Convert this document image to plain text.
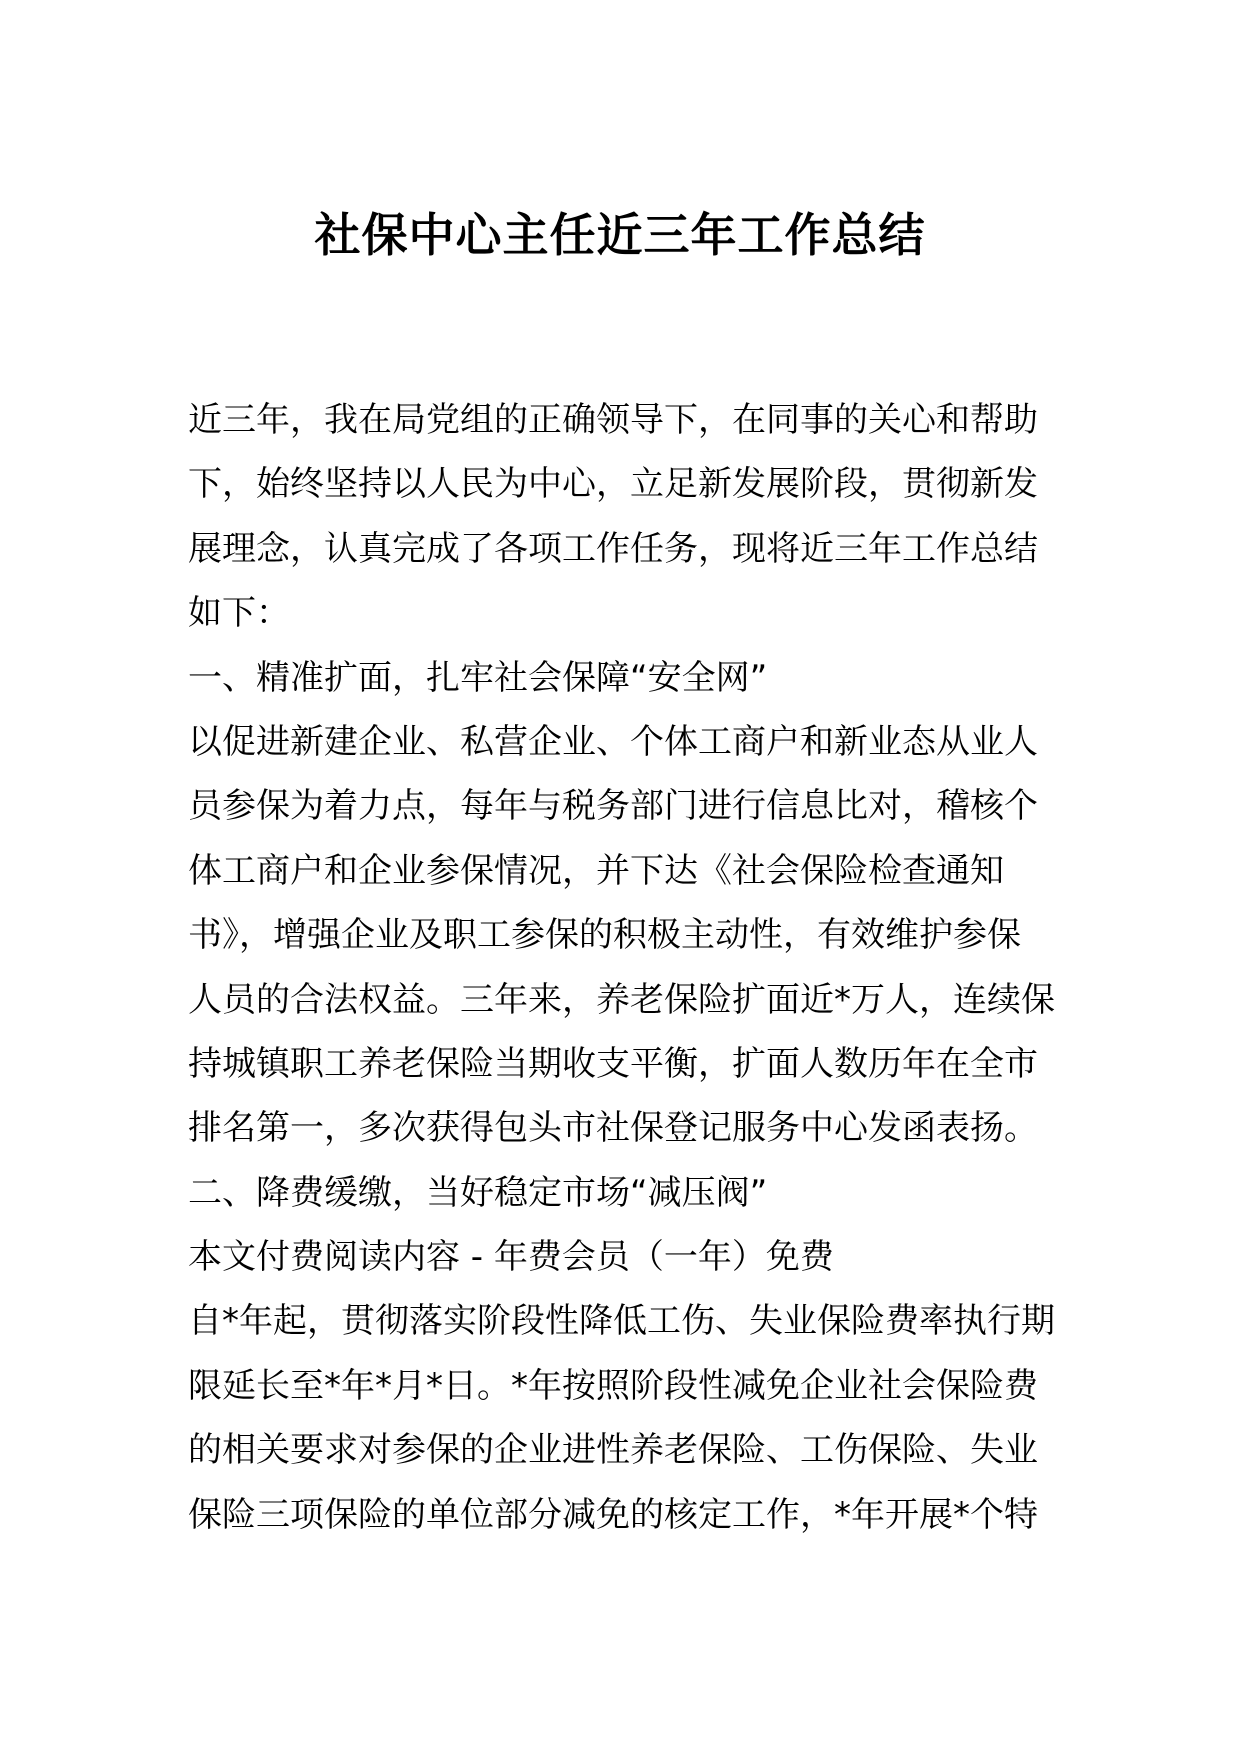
社保中心主任近三年工作总结
近三年，我在局党组的正确领导下，在同事的关心和帮助
下，始终坚持以人民为中心，立足新发展阶段，贯彻新发
展理念，认真完成了各项工作任务，现将近三年工作总结
如下：
一、精准扩面，扎牢社会保障“安全网”
以促进新建企业、私营企业、个体工商户和新业态从业人
员参保为着力点，每年与税务部门进行信息比对，稽核个
体工商户和企业参保情况，并下达《社会保险检查通知
书》，增强企业及职工参保的积极主动性，有效维护参保
人员的合法权益。三年来，养老保险扩面近*万人，连续保
持城镇职工养老保险当期收支平衡，扩面人数历年在全市
排名第一，多次获得包头市社保登记服务中心发函表扬。
二、降费缓缴，当好稳定市场“减压阀”
本文付费阅读内容 - 年费会员（一年）免费
自*年起，贯彻落实阶段性降低工伤、失业保险费率执行期
限延长至*年*月*日。*年按照阶段性减免企业社会保险费
的相关要求对参保的企业进性养老保险、工伤保险、失业
保险三项保险的单位部分减免的核定工作，*年开展*个特
